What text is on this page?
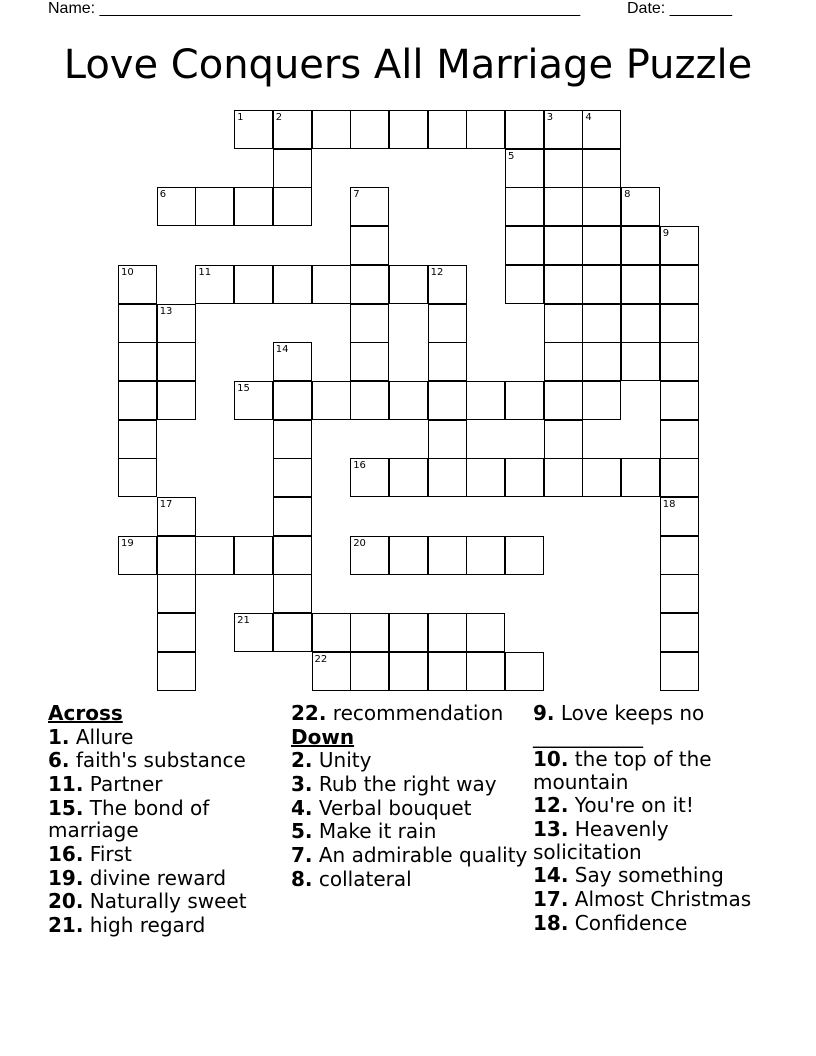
Name: ______________________________________________________	Date: _______
Love Conquers All Marriage Puzzle
1	2
6
11
15
16
19	20
21
22
3	4
5
7	8
9
10	12
13
14
17	18
Across
1. Allure
6. faith's substance
11. Partner
15. The bond of marriage
16. First
19. divine reward
20. Naturally sweet
21. high regard
22. recommendation
Down
2. Unity
3. Rub the right way
4. Verbal bouquet
5. Make it rain
7. An admirable quality
8. collateral
9. Love keeps no ___________
10. the top of the mountain
12. You're on it!
13. Heavenly solicitation
14. Say something
17. Almost Christmas
18. Confidence
